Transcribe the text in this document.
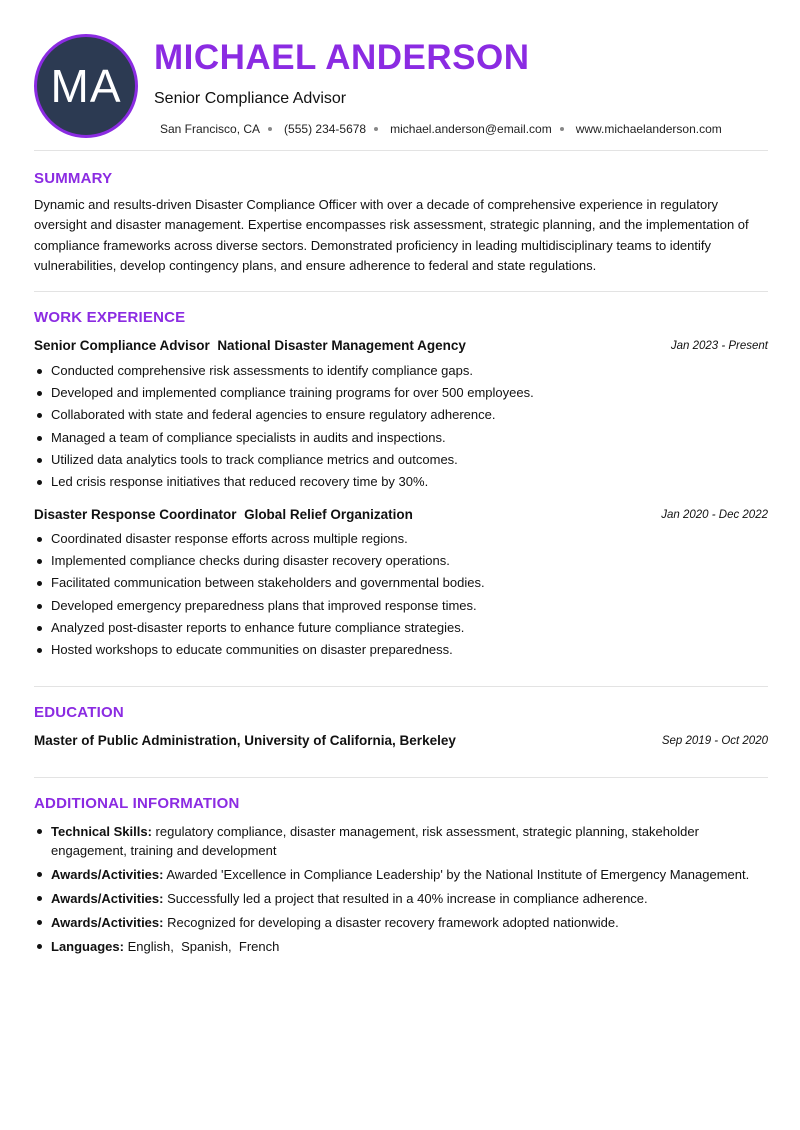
MA
MICHAEL ANDERSON
Senior Compliance Advisor
San Francisco, CA (555) 234-5678 michael.anderson@email.com www.michaelanderson.com
SUMMARY
Dynamic and results-driven Disaster Compliance Officer with over a decade of comprehensive experience in regulatory oversight and disaster management. Expertise encompasses risk assessment, strategic planning, and the implementation of compliance frameworks across diverse sectors. Demonstrated proficiency in leading multidisciplinary teams to identify vulnerabilities, develop contingency plans, and ensure adherence to federal and state regulations.
WORK EXPERIENCE
Senior Compliance Advisor National Disaster Management Agency	Jan 2023 - Present
Conducted comprehensive risk assessments to identify compliance gaps.
Developed and implemented compliance training programs for over 500 employees.
Collaborated with state and federal agencies to ensure regulatory adherence.
Managed a team of compliance specialists in audits and inspections.
Utilized data analytics tools to track compliance metrics and outcomes.
Led crisis response initiatives that reduced recovery time by 30%.
Disaster Response Coordinator Global Relief Organization	Jan 2020 - Dec 2022
Coordinated disaster response efforts across multiple regions.
Implemented compliance checks during disaster recovery operations.
Facilitated communication between stakeholders and governmental bodies.
Developed emergency preparedness plans that improved response times.
Analyzed post-disaster reports to enhance future compliance strategies.
Hosted workshops to educate communities on disaster preparedness.
EDUCATION
Master of Public Administration, University of California, Berkeley	Sep 2019 - Oct 2020
ADDITIONAL INFORMATION
Technical Skills: regulatory compliance, disaster management, risk assessment, strategic planning, stakeholder engagement, training and development
Awards/Activities: Awarded 'Excellence in Compliance Leadership' by the National Institute of Emergency Management.
Awards/Activities: Successfully led a project that resulted in a 40% increase in compliance adherence.
Awards/Activities: Recognized for developing a disaster recovery framework adopted nationwide.
Languages: English,  Spanish,  French
